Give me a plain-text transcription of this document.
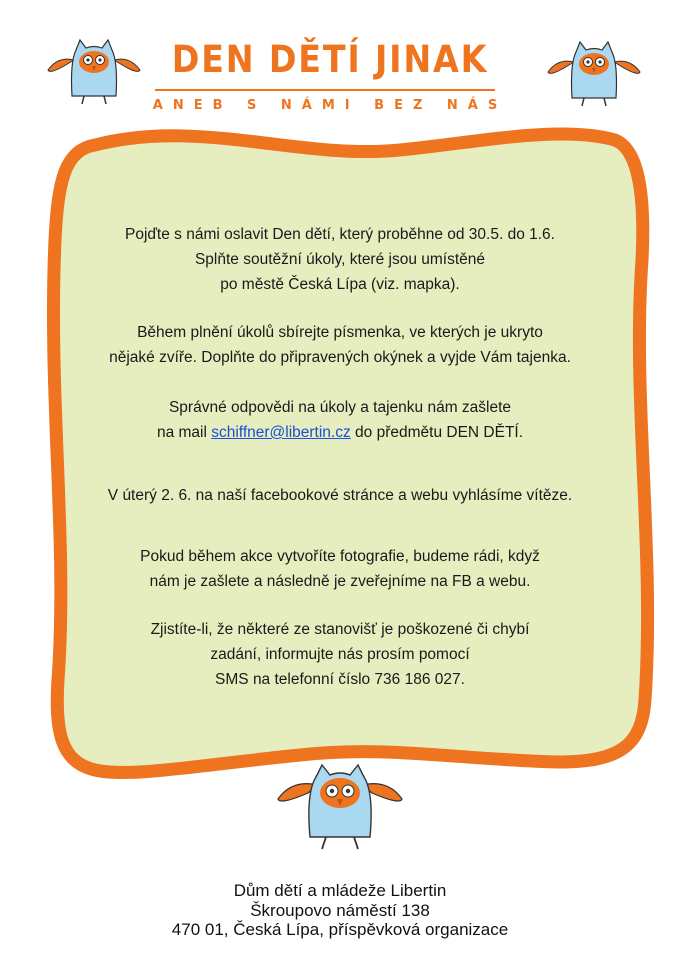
DEN DĚTÍ JINAK
ANEB S NÁMI BEZ NÁS

Pojďte s námi oslavit Den dětí, který proběhne od 30.5. do 1.6.
Splňte soutěžní úkoly, které jsou umístěné
po městě Česká Lípa (viz. mapka).

Během plnění úkolů sbírejte písmenka, ve kterých je ukryto
nějaké zvíře. Doplňte do připravených okýnek a vyjde Vám tajenka.

Správné odpovědi na úkoly a tajenku nám zašlete
na mail schiffner@libertin.cz do předmětu DEN DĚTÍ.

V úterý 2. 6. na naší facebookové stránce a webu vyhlásíme vítěze.

Pokud během akce vytvoříte fotografie, budeme rádi, když
nám je zašlete a následně je zveřejníme na FB a webu.

Zjistíte-li, že některé ze stanovišť je poškozené či chybí
zadání, informujte nás prosím pomocí
SMS na telefonní číslo 736 186 027.

Dům dětí a mládeže Libertin

Škroupovo náměstí 138

470 01, Česká Lípa, příspěvková organizace
